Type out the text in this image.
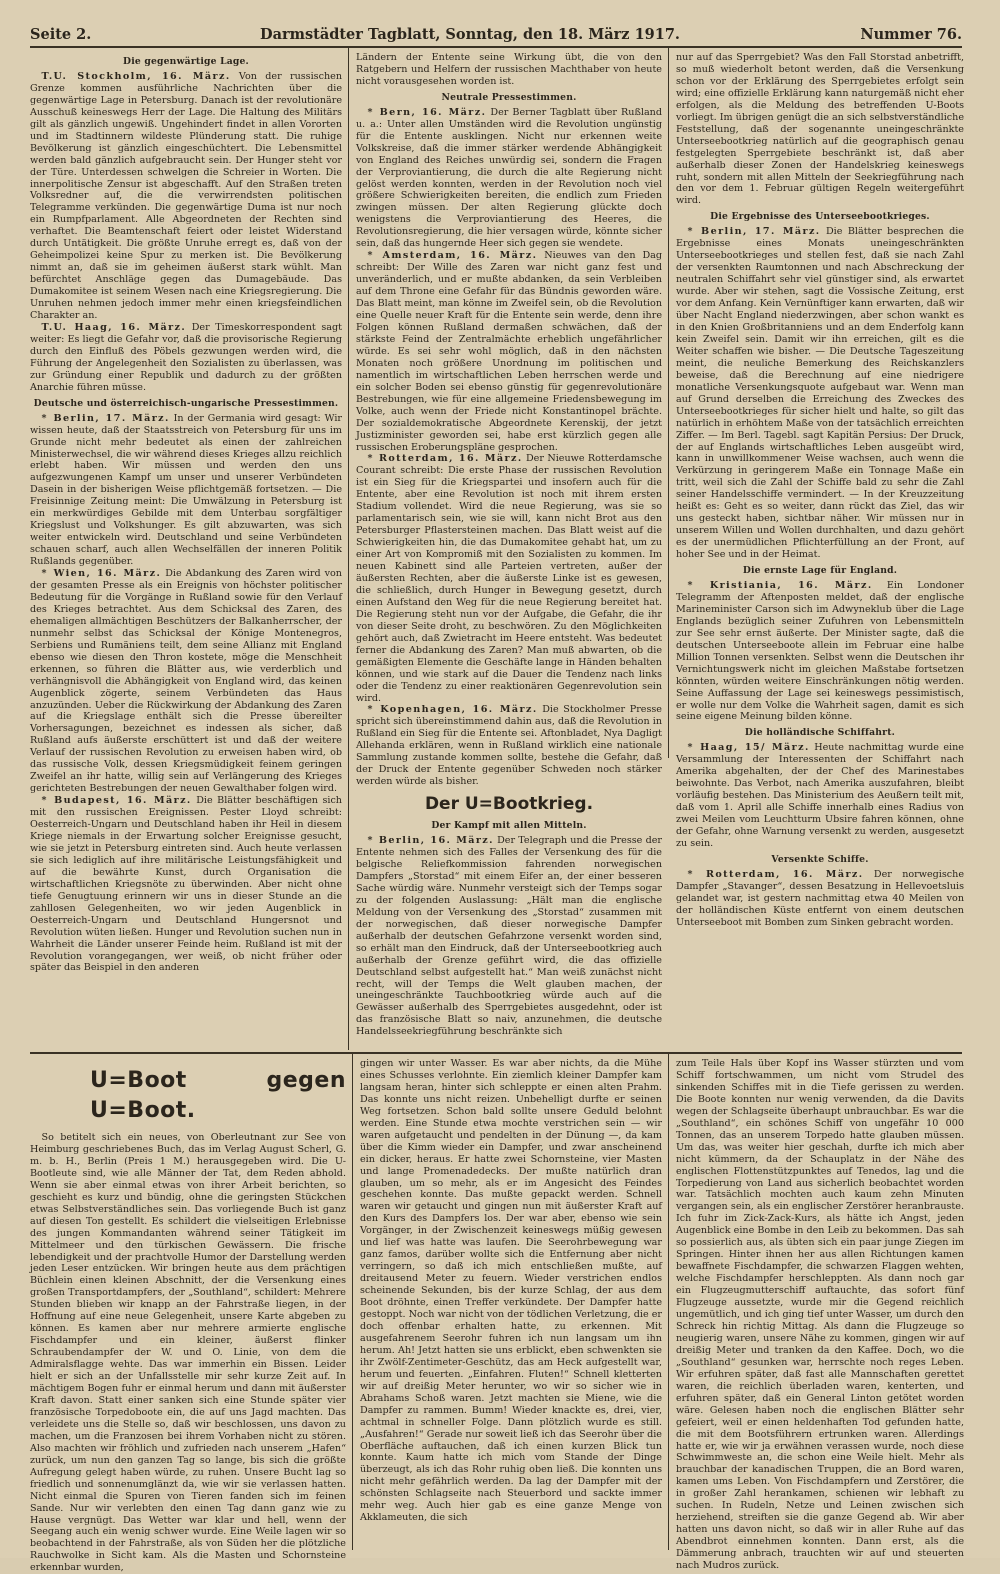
Seite 2.	Darmstädter Tagblatt, Sonntag, den 18. März 1917.	Nummer 76.
Die gegenwärtige Lage.

T.U. Stockholm, 16. März. Von der russischen Grenze kommen ausführliche Nachrichten über die gegenwärtige Lage in Petersburg. Danach ist der revolutionäre Ausschuß keineswegs Herr der Lage. Die Haltung des Militärs gilt als gänzlich ungewiß. Ungehindert findet in allen Vororten und im Stadtinnern wildeste Plünderung statt. Die ruhige Bevölkerung ist gänzlich eingeschüchtert. Die Lebensmittel werden bald gänzlich aufgebraucht sein. Der Hunger steht vor der Türe. Unterdessen schwelgen die Schreier in Worten. Die innerpolitische Zensur ist abgeschafft. Auf den Straßen treten Volksredner auf, die die verwirrendsten politischen Telegramme verkünden. Die gegenwärtige Duma ist nur noch ein Rumpfparlament. Alle Abgeordneten der Rechten sind verhaftet. Die Beamtenschaft feiert oder leistet Widerstand durch Untätigkeit. Die größte Unruhe erregt es, daß von der Geheimpolizei keine Spur zu merken ist. Die Bevölkerung nimmt an, daß sie im geheimen äußerst stark wühlt. Man befürchtet Anschläge gegen das Dumagebäude. Das Dumakomitee ist seinem Wesen nach eine Kriegsregierung. Die Unruhen nehmen jedoch immer mehr einen kriegsfeindlichen Charakter an.

T.U. Haag, 16. März. Der Timeskorrespondent sagt weiter: Es liegt die Gefahr vor, daß die provisorische Regierung durch den Einfluß des Pöbels gezwungen werden wird, die Führung der Angelegenheit den Sozialisten zu überlassen, was zur Gründung einer Republik und dadurch zu der größten Anarchie führen müsse.

Deutsche und österreichisch-ungarische Pressestimmen.

* Berlin, 17. März. In der Germania wird gesagt: Wir wissen heute, daß der Staatsstreich von Petersburg für uns im Grunde nicht mehr bedeutet als einen der zahlreichen Ministerwechsel, die wir während dieses Krieges allzu reichlich erlebt haben. Wir müssen und werden den uns aufgezwungenen Kampf um unser und unserer Verbündeten Dasein in der bisherigen Weise pflichtgemäß fortsetzen. — Die Freisinnige Zeitung meint: Die Umwälzung in Petersburg ist ein merkwürdiges Gebilde mit dem Unterbau sorgfältiger Kriegslust und Volkshunger. Es gilt abzuwarten, was sich weiter entwickeln wird. Deutschland und seine Verbündeten schauen scharf, auch allen Wechselfällen der inneren Politik Rußlands gegenüber.

* Wien, 16. März. Die Abdankung des Zaren wird von der gesamten Presse als ein Ereignis von höchster politischer Bedeutung für die Vorgänge in Rußland sowie für den Verlauf des Krieges betrachtet. Aus dem Schicksal des Zaren, des ehemaligen allmächtigen Beschützers der Balkanherrscher, der nunmehr selbst das Schicksal der Könige Montenegros, Serbiens und Rumäniens teilt, dem seine Allianz mit England ebenso wie diesen den Thron kostete, möge die Menschheit erkennen, so führen die Blätter aus, wie verderblich und verhängnisvoll die Abhängigkeit von England wird, das keinen Augenblick zögerte, seinem Verbündeten das Haus anzuzünden. Ueber die Rückwirkung der Abdankung des Zaren auf die Kriegslage enthält sich die Presse übereilter Vorhersagungen, bezeichnet es indessen als sicher, daß Rußland aufs äußerste erschüttert ist und daß der weitere Verlauf der russischen Revolution zu erweisen haben wird, ob das russische Volk, dessen Kriegsmüdigkeit feinem geringen Zweifel an ihr hatte, willig sein auf Verlängerung des Krieges gerichteten Bestrebungen der neuen Gewalthaber folgen wird.

* Budapest, 16. März. Die Blätter beschäftigen sich mit den russischen Ereignissen. Pester Lloyd schreibt: Oesterreich-Ungarn und Deutschland haben ihr Heil in diesem Kriege niemals in der Erwartung solcher Ereignisse gesucht, wie sie jetzt in Petersburg eintreten sind. Auch heute verlassen sie sich lediglich auf ihre militärische Leistungsfähigkeit und auf die bewährte Kunst, durch Organisation die wirtschaftlichen Kriegsnöte zu überwinden. Aber nicht ohne tiefe Genugtuung erinnern wir uns in dieser Stunde an die zahllosen Gelegenheiten, wo wir jeden Augenblick in Oesterreich-Ungarn und Deutschland Hungersnot und Revolution wüten ließen. Hunger und Revolution suchen nun in Wahrheit die Länder unserer Feinde heim. Rußland ist mit der Revolution vorangegangen, wer weiß, ob nicht früher oder später das Beispiel in den anderen

Ländern der Entente seine Wirkung übt, die von den Ratgebern und Helfern der russischen Machthaber von heute nicht vorausgesehen worden ist.

Neutrale Pressestimmen.

* Bern, 16. März. Der Berner Tagblatt über Rußland u. a.: Unter allen Umständen wird die Revolution ungünstig für die Entente ausklingen. Nicht nur erkennen weite Volkskreise, daß die immer stärker werdende Abhängigkeit von England des Reiches unwürdig sei, sondern die Fragen der Verproviantierung, die durch die alte Regierung nicht gelöst werden konnten, werden in der Revolution noch viel größere Schwierigkeiten bereiten, die endlich zum Frieden zwingen müssen. Der alten Regierung glückte doch wenigstens die Verproviantierung des Heeres, die Revolutionsregierung, die hier versagen würde, könnte sicher sein, daß das hungernde Heer sich gegen sie wendete.

* Amsterdam, 16. März. Nieuwes van den Dag schreibt: Der Wille des Zaren war nicht ganz fest und unveränderlich, und er mußte abdanken, da sein Verbleiben auf dem Throne eine Gefahr für das Bündnis geworden wäre. Das Blatt meint, man könne im Zweifel sein, ob die Revolution eine Quelle neuer Kraft für die Entente sein werde, denn ihre Folgen können Rußland dermaßen schwächen, daß der stärkste Feind der Zentralmächte erheblich ungefährlicher würde. Es sei sehr wohl möglich, daß in den nächsten Monaten noch größere Unordnung im politischen und namentlich im wirtschaftlichen Leben herrschen werde und ein solcher Boden sei ebenso günstig für gegenrevolutionäre Bestrebungen, wie für eine allgemeine Friedensbewegung im Volke, auch wenn der Friede nicht Konstantinopel brächte. Der sozialdemokratische Abgeordnete Kerenskij, der jetzt Justizminister geworden sei, habe erst kürzlich gegen alle russischen Eroberungspläne gesprochen.

* Rotterdam, 16. März. Der Nieuwe Rotterdamsche Courant schreibt: Die erste Phase der russischen Revolution ist ein Sieg für die Kriegspartei und insofern auch für die Entente, aber eine Revolution ist noch mit ihrem ersten Stadium vollendet. Wird die neue Regierung, was sie so parlamentarisch sein, wie sie will, kann nicht Brot aus den Petersburger Pflastersteinen machen. Das Blatt weist auf die Schwierigkeiten hin, die das Dumakomitee gehabt hat, um zu einer Art von Kompromiß mit den Sozialisten zu kommen. Im neuen Kabinett sind alle Parteien vertreten, außer der äußersten Rechten, aber die äußerste Linke ist es gewesen, die schließlich, durch Hunger in Bewegung gesetzt, durch einen Aufstand den Weg für die neue Regierung bereitet hat. Die Regierung steht nun vor der Aufgabe, die Gefahr, die ihr von dieser Seite droht, zu beschwören. Zu den Möglichkeiten gehört auch, daß Zwietracht im Heere entsteht. Was bedeutet ferner die Abdankung des Zaren? Man muß abwarten, ob die gemäßigten Elemente die Geschäfte lange in Händen behalten können, und wie stark auf die Dauer die Tendenz nach links oder die Tendenz zu einer reaktionären Gegenrevolution sein wird.

* Kopenhagen, 16. März. Die Stockholmer Presse spricht sich übereinstimmend dahin aus, daß die Revolution in Rußland ein Sieg für die Entente sei. Aftonbladet, Nya Dagligt Allehanda erklären, wenn in Rußland wirklich eine nationale Sammlung zustande kommen sollte, bestehe die Gefahr, daß der Druck der Entente gegenüber Schweden noch stärker werden würde als bisher.

Der U=Bootkrieg.
Der Kampf mit allen Mitteln.

* Berlin, 16. März. Der Telegraph und die Presse der Entente nehmen sich des Falles der Versenkung des für die belgische Reliefkommission fahrenden norwegischen Dampfers „Storstad“ mit einem Eifer an, der einer besseren Sache würdig wäre. Nunmehr versteigt sich der Temps sogar zu der folgenden Auslassung: „Hält man die englische Meldung von der Versenkung des „Storstad“ zusammen mit der norwegischen, daß dieser norwegische Dampfer außerhalb der deutschen Gefahrzone versenkt worden sind, so erhält man den Eindruck, daß der Unterseebootkrieg auch außerhalb der Grenze geführt wird, die das offizielle Deutschland selbst aufgestellt hat.“ Man weiß zunächst nicht recht, will der Temps die Welt glauben machen, der uneingeschränkte Tauchbootkrieg würde auch auf die Gewässer außerhalb des Sperrgebietes ausgedehnt, oder ist das französische Blatt so naiv, anzunehmen, die deutsche Handelsseekriegführung beschränkte sich

nur auf das Sperrgebiet? Was den Fall Storstad anbetrifft, so muß wiederholt betont werden, daß die Versenkung schon vor der Erklärung des Sperrgebietes erfolgt sein wird; eine offizielle Erklärung kann naturgemäß nicht eher erfolgen, als die Meldung des betreffenden U-Boots vorliegt. Im übrigen genügt die an sich selbstverständliche Feststellung, daß der sogenannte uneingeschränkte Unterseebootkrieg natürlich auf die geographisch genau festgelegten Sperrgebiete beschränkt ist, daß aber außerhalb dieser Zonen der Handelskrieg keineswegs ruht, sondern mit allen Mitteln der Seekriegführung nach den vor dem 1. Februar gültigen Regeln weitergeführt wird.

Die Ergebnisse des Unterseebootkrieges.

* Berlin, 17. März. Die Blätter besprechen die Ergebnisse eines Monats uneingeschränkten Unterseebootkrieges und stellen fest, daß sie nach Zahl der versenkten Raumtonnen und nach Abschreckung der neutralen Schiffahrt sehr viel günstiger sind, als erwartet wurde. Aber wir stehen, sagt die Vossische Zeitung, erst vor dem Anfang. Kein Vernünftiger kann erwarten, daß wir über Nacht England niederzwingen, aber schon wankt es in den Knien Großbritanniens und an dem Enderfolg kann kein Zweifel sein. Damit wir ihn erreichen, gilt es die Weiter schaffen wie bisher. — Die Deutsche Tageszeitung meint, die neuliche Bemerkung des Reichskanzlers beweise, daß die Berechnung auf eine niedrigere monatliche Versenkungsquote aufgebaut war. Wenn man auf Grund derselben die Erreichung des Zweckes des Unterseebootkrieges für sicher hielt und halte, so gilt das natürlich in erhöhtem Maße von der tatsächlich erreichten Ziffer. — Im Berl. Tagebl. sagt Kapitän Persius: Der Druck, der auf Englands wirtschaftliches Leben ausgeübt wird, kann in unwillkommener Weise wachsen, auch wenn die Verkürzung in geringerem Maße ein Tonnage Maße ein tritt, weil sich die Zahl der Schiffe bald zu sehr die Zahl seiner Handelsschiffe vermindert. — In der Kreuzzeitung heißt es: Geht es so weiter, dann rückt das Ziel, das wir uns gesteckt haben, sichtbar näher. Wir müssen nur in unserem Willen und Wollen durchhalten, und dazu gehört es der unermüdlichen Pflichterfüllung an der Front, auf hoher See und in der Heimat.

Die ernste Lage für England.

* Kristiania, 16. März. Ein Londoner Telegramm der Aftenposten meldet, daß der englische Marineminister Carson sich im Adwyneklub über die Lage Englands bezüglich seiner Zufuhren von Lebensmitteln zur See sehr ernst äußerte. Der Minister sagte, daß die deutschen Unterseeboote allein im Februar eine halbe Million Tonnen versenkten. Selbst wenn die Deutschen ihr Vernichtungswerk nicht im gleichen Maßstabe fortsetzen könnten, würden weitere Einschränkungen nötig werden. Seine Auffassung der Lage sei keineswegs pessimistisch, er wolle nur dem Volke die Wahrheit sagen, damit es sich seine eigene Meinung bilden könne.

Die holländische Schiffahrt.

* Haag, 15/ März. Heute nachmittag wurde eine Versammlung der Interessenten der Schiffahrt nach Amerika abgehalten, der der Chef des Marinestabes beiwohnte. Das Verbot, nach Amerika auszufahren, bleibt vorläufig bestehen. Das Ministerium des Aeußern teilt mit, daß vom 1. April alle Schiffe innerhalb eines Radius von zwei Meilen vom Leuchtturm Ubsire fahren können, ohne der Gefahr, ohne Warnung versenkt zu werden, ausgesetzt zu sein.

Versenkte Schiffe.

* Rotterdam, 16. März. Der norwegische Dampfer „Stavanger“, dessen Besatzung in Hellevoetsluis gelandet war, ist gestern nachmittag etwa 40 Meilen von der holländischen Küste entfernt von einem deutschen Unterseeboot mit Bomben zum Sinken gebracht worden.

U=Boot gegen U=Boot.

So betitelt sich ein neues, von Oberleutnant zur See von Heimburg geschriebenes Buch, das im Verlag August Scherl, G. m. b. H., Berlin (Preis 1 M.) herausgegeben wird. Die U-Bootleute sind, wie alle Männer der Tat, dem Reden abhold. Wenn sie aber einmal etwas von ihrer Arbeit berichten, so geschieht es kurz und bündig, ohne die geringsten Stückchen etwas Selbstverständliches sein. Das vorliegende Buch ist ganz auf diesen Ton gestellt. Es schildert die vielseitigen Erlebnisse des jungen Kommandanten während seiner Tätigkeit im Mittelmeer und den türkischen Gewässern. Die frische lebendigkeit und der prachtvolle Humor der Darstellung werden jeden Leser entzücken. Wir bringen heute aus dem prächtigen Büchlein einen kleinen Abschnitt, der die Versenkung eines großen Transportdampfers, der „Southland“, schildert: Mehrere Stunden blieben wir knapp an der Fahrstraße liegen, in der Hoffnung auf eine neue Gelegenheit, unsere Karte abgeben zu können. Es kamen aber nur mehrere armierte englische Fischdampfer und ein kleiner, äußerst flinker Schraubendampfer der W. und O. Linie, von dem die Admiralsflagge wehte. Das war immerhin ein Bissen. Leider hielt er sich an der Unfallsstelle mir sehr kurze Zeit auf. In mächtigem Bogen fuhr er einmal herum und dann mit äußerster Kraft davon. Statt einer sanken sich eine Stunde später vier französische Torpedoboote ein, die auf uns Jagd machten. Das verleidete uns die Stelle so, daß wir beschlossen, uns davon zu machen, um die Franzosen bei ihrem Vorhaben nicht zu stören. Also machten wir fröhlich und zufrieden nach unserem „Hafen“ zurück, um nun den ganzen Tag so lange, bis sich die größte Aufregung gelegt haben würde, zu ruhen. Unsere Bucht lag so friedlich und sonnenumglänzt da, wie wir sie verlassen hatten. Nicht einmal die Spuren von Tieren fanden sich im feinen Sande. Nur wir verlebten den einen Tag dann ganz wie zu Hause vergnügt. Das Wetter war klar und hell, wenn der Seegang auch ein wenig schwer wurde. Eine Weile lagen wir so beobachtend in der Fahrstraße, als von Süden her die plötzliche Rauchwolke in Sicht kam. Als die Masten und Schornsteine erkennbar wurden,

gingen wir unter Wasser. Es war aber nichts, da die Mühe eines Schusses verlohnte. Ein ziemlich kleiner Dampfer kam langsam heran, hinter sich schleppte er einen alten Prahm. Das konnte uns nicht reizen. Unbehelligt durfte er seinen Weg fortsetzen. Schon bald sollte unsere Geduld belohnt werden. Eine Stunde etwa mochte verstrichen sein — wir waren aufgetaucht und pendelten in der Dünung —, da kam über die Kimm wieder ein Dampfer, und zwar anscheinend ein dicker, heraus. Er hatte zwei Schornsteine, vier Masten und lange Promenadedecks. Der mußte natürlich dran glauben, um so mehr, als er im Angesicht des Feindes geschehen konnte. Das mußte gepackt werden. Schnell waren wir getaucht und gingen nun mit äußerster Kraft auf den Kurs des Dampfers los. Der war aber, ebenso wie sein Vorgänger, in der Zwischenzeit keineswegs müßig gewesen und lief was hatte was laufen. Die Seerohrbewegung war ganz famos, darüber wollte sich die Entfernung aber nicht verringern, so daß ich mich entschließen mußte, auf dreitausend Meter zu feuern. Wieder verstrichen endlos scheinende Sekunden, bis der kurze Schlag, der aus dem Boot dröhnte, einen Treffer verkündete. Der Dampfer hatte gestoppt. Noch war nicht von der tödlichen Verletzung, die er doch offenbar erhalten hatte, zu erkennen. Mit ausgefahrenem Seerohr fuhren ich nun langsam um ihn herum. Ah! Jetzt hatten sie uns erblickt, eben schwenkten sie ihr Zwölf-Zentimeter-Geschütz, das am Heck aufgestellt war, herum und feuerten. „Einfahren. Fluten!“ Schnell kletterten wir auf dreißig Meter herunter, wo wir so sicher wie in Abrahams Schoß waren. Jetzt machten sie Miene, wie die Dampfer zu rammen. Bumm! Wieder knackte es, drei, vier, achtmal in schneller Folge. Dann plötzlich wurde es still. „Ausfahren!“ Gerade nur soweit ließ ich das Seerohr über die Oberfläche auftauchen, daß ich einen kurzen Blick tun konnte. Kaum hatte ich mich vom Stande der Dinge überzeugt, als ich das Rohr ruhig oben ließ. Die konnten uns nicht mehr gefährlich werden. Da lag der Dampfer mit der schönsten Schlagseite nach Steuerbord und sackte immer mehr weg. Auch hier gab es eine ganze Menge von Akklameuten, die sich

zum Teile Hals über Kopf ins Wasser stürzten und vom Schiff fortschwammen, um nicht vom Strudel des sinkenden Schiffes mit in die Tiefe gerissen zu werden. Die Boote konnten nur wenig verwenden, da die Davits wegen der Schlagseite überhaupt unbrauchbar. Es war die „Southland“, ein schönes Schiff von ungefähr 10 000 Tonnen, das an unserem Torpedo hatte glauben müssen. Um das, was weiter hier geschah, durfte ich mich aber nicht kümmern, da der Schauplatz in der Nähe des englischen Flottenstützpunktes auf Tenedos, lag und die Torpedierung von Land aus sicherlich beobachtet worden war. Tatsächlich mochten auch kaum zehn Minuten vergangen sein, als ein englischer Zerstörer heranbrauste. Ich fuhr im Zick-Zack-Kurs, als hätte ich Angst, jeden Augenblick eine Bombe in den Leib zu bekommen. Das sah so possierlich aus, als übten sich ein paar junge Ziegen im Springen. Hinter ihnen her aus allen Richtungen kamen bewaffnete Fischdampfer, die schwarzen Flaggen wehten, welche Fischdampfer herschleppten. Als dann noch gar ein Flugzeugmutterschiff auftauchte, das sofort fünf Flugzeuge aussetzte, wurde mir die Gegend reichlich ungemütlich, und ich ging tief unter Wasser, um durch den Schreck hin richtig Mittag. Als dann die Flugzeuge so neugierig waren, unsere Nähe zu kommen, gingen wir auf dreißig Meter und tranken da den Kaffee. Doch, wo die „Southland“ gesunken war, herrschte noch reges Leben. Wir erfuhren später, daß fast alle Mannschaften gerettet waren, die reichlich überladen waren, kenterten, und erfuhren später, daß ein General Linton getötet worden wäre. Gelesen haben noch die englischen Blätter sehr gefeiert, weil er einen heldenhaften Tod gefunden hatte, die mit dem Bootsführern ertrunken waren. Allerdings hatte er, wie wir ja erwähnen verassen wurde, noch diese Schwimmweste an, die schon eine Weile hielt. Mehr als brauchbar der kanadischen Truppen, die an Bord waren, kamen ums Leben. Von Fischdampfern und Zerstörer, die in großer Zahl herankamen, schienen wir lebhaft zu suchen. In Rudeln, Netze und Leinen zwischen sich herziehend, streiften sie die ganze Gegend ab. Wir aber hatten uns davon nicht, so daß wir in aller Ruhe auf das Abendbrot einnehmen konnten. Dann erst, als die Dämmerung anbrach, trauchten wir auf und steuerten nach Mudros zurück.
